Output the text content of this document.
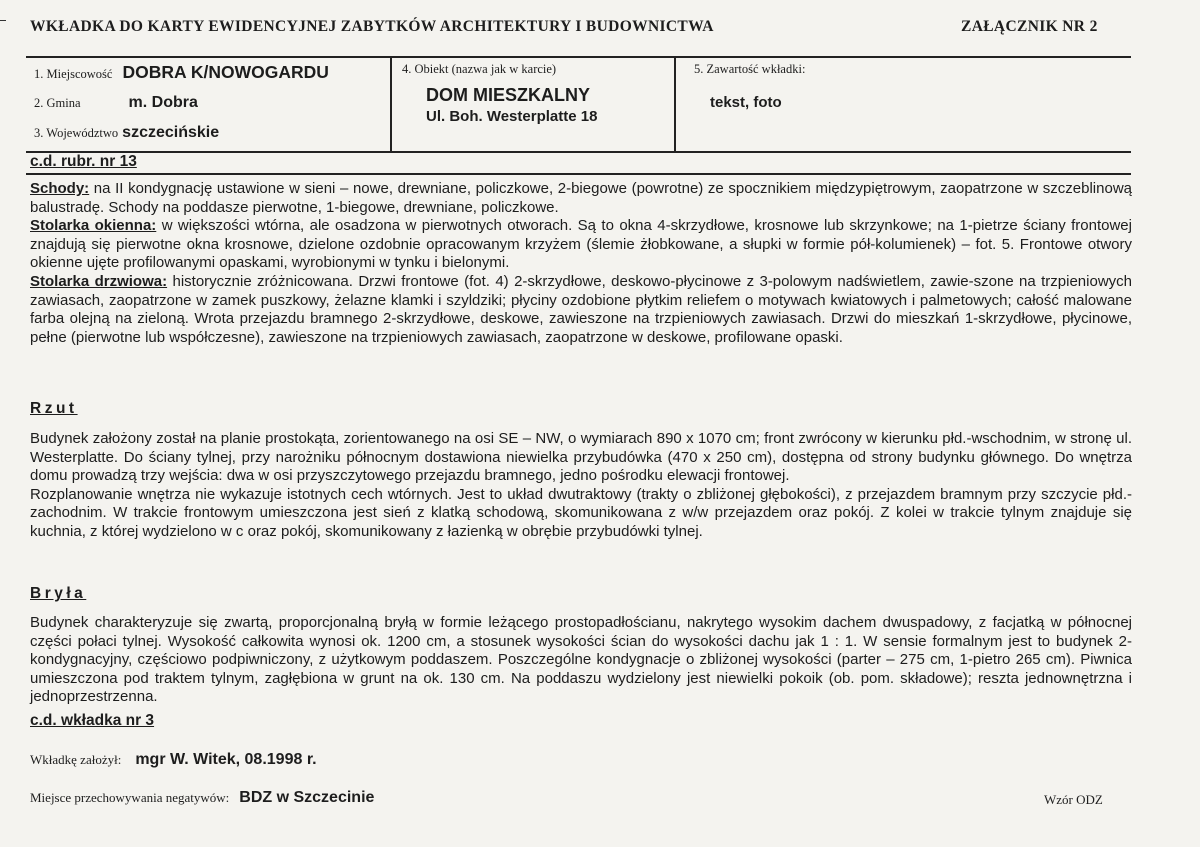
WKŁADKA DO KARTY EWIDENCYJNEJ ZABYTKÓW ARCHITEKTURY I BUDOWNICTWA	ZAŁĄCZNIK NR 2
1. Miejscowość DOBRA K/NOWOGARDU
2. Gmina	m. Dobra
3. Województwo szczecińskie
4. Obiekt (nazwa jak w karcie)
DOM MIESZKALNY
Ul. Boh. Westerplatte 18
5. Zawartość wkładki:
tekst, foto
c.d. rubr. nr 13

Schody: na II kondygnację ustawione w sieni – nowe, drewniane, policzkowe, 2-biegowe (powrotne) ze spocznikiem międzypiętrowym, zaopatrzone w szczeblinową balustradę. Schody na poddasze pierwotne, 1-biegowe, drewniane, policzkowe.

Stolarka okienna: w większości wtórna, ale osadzona w pierwotnych otworach. Są to okna 4-skrzydłowe, krosnowe lub skrzynkowe; na 1-pietrze ściany frontowej znajdują się pierwotne okna krosnowe, dzielone ozdobnie opracowanym krzyżem (ślemie żłobkowane, a słupki w formie pół-kolumienek) – fot. 5. Frontowe otwory okienne ujęte profilowanymi opaskami, wyrobionymi w tynku i bielonymi.

Stolarka drzwiowa: historycznie zróżnicowana. Drzwi frontowe (fot. 4) 2-skrzydłowe, deskowo-płycinowe z 3-polowym nadświetlem, zawie-szone na trzpieniowych zawiasach, zaopatrzone w zamek puszkowy, żelazne klamki i szyldziki; płyciny ozdobione płytkim reliefem o motywach kwiatowych i palmetowych; całość malowane farba olejną na zieloną. Wrota przejazdu bramnego 2-skrzydłowe, deskowe, zawieszone na trzpieniowych zawiasach. Drzwi do mieszkań 1-skrzydłowe, płycinowe, pełne (pierwotne lub współczesne), zawieszone na trzpieniowych zawiasach, zaopatrzone w deskowe, profilowane opaski.

Rzut

Budynek założony został na planie prostokąta, zorientowanego na osi SE – NW, o wymiarach 890 x 1070 cm; front zwrócony w kierunku płd.-wschodnim, w stronę ul. Westerplatte. Do ściany tylnej, przy narożniku północnym dostawiona niewielka przybudówka (470 x 250 cm), dostępna od strony budynku głównego. Do wnętrza domu prowadzą trzy wejścia: dwa w osi przyszczytowego przejazdu bramnego, jedno pośrodku elewacji frontowej.

Rozplanowanie wnętrza nie wykazuje istotnych cech wtórnych. Jest to układ dwutraktowy (trakty o zbliżonej głębokości), z przejazdem bramnym przy szczycie płd.-zachodnim. W trakcie frontowym umieszczona jest sień z klatką schodową, skomunikowana z w/w przejazdem oraz pokój. Z kolei w trakcie tylnym znajduje się kuchnia, z której wydzielono w c oraz pokój, skomunikowany z łazienką w obrębie przybudówki tylnej.

Bryła

Budynek charakteryzuje się zwartą, proporcjonalną bryłą w formie leżącego prostopadłościanu, nakrytego wysokim dachem dwuspadowy, z facjatką w północnej części połaci tylnej. Wysokość całkowita wynosi ok. 1200 cm, a stosunek wysokości ścian do wysokości dachu jak 1 : 1. W sensie formalnym jest to budynek 2-kondygnacyjny, częściowo podpiwniczony, z użytkowym poddaszem. Poszczególne kondygnacje o zbliżonej wysokości (parter – 275 cm, 1-pietro 265 cm). Piwnica umieszczona pod traktem tylnym, zagłębiona w grunt na ok. 130 cm. Na poddaszu wydzielony jest niewielki pokoik (ob. pom. składowe); reszta jednownętrzna i jednoprzestrzenna.

c.d. wkładka nr 3
Wkładkę założył: mgr W. Witek, 08.1998 r.
Miejsce przechowywania negatywów: BDZ w Szczecinie	Wzór ODZ
